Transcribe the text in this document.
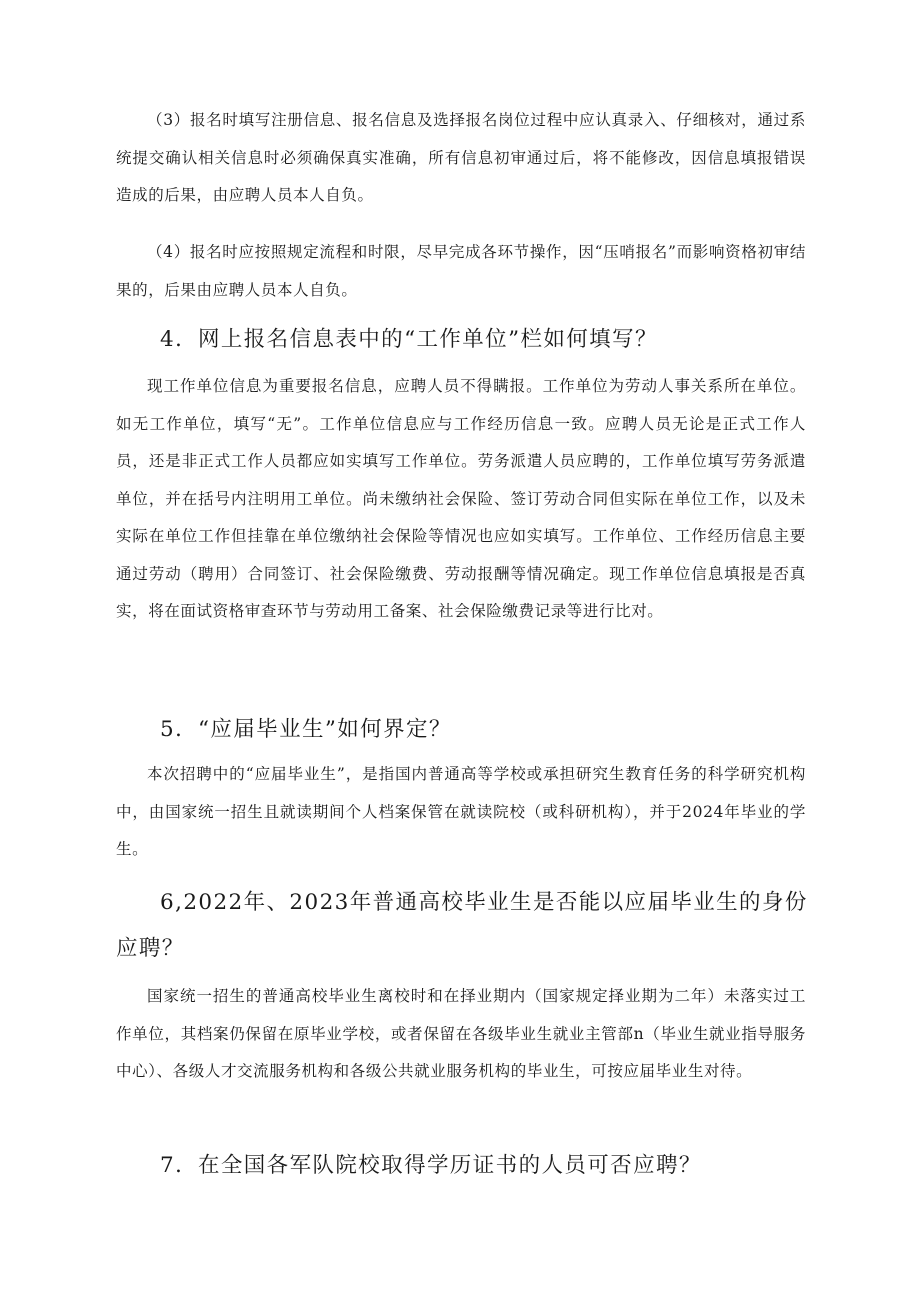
（3）报名时填写注册信息、报名信息及选择报名岗位过程中应认真录入、仔细核对，通过系统提交确认相关信息时必须确保真实准确，所有信息初审通过后，将不能修改，因信息填报错误造成的后果，由应聘人员本人自负。

（4）报名时应按照规定流程和时限，尽早完成各环节操作，因“压哨报名”而影响资格初审结果的，后果由应聘人员本人自负。

4．网上报名信息表中的“工作单位”栏如何填写？

现工作单位信息为重要报名信息，应聘人员不得瞒报。工作单位为劳动人事关系所在单位。如无工作单位，填写“无”。工作单位信息应与工作经历信息一致。应聘人员无论是正式工作人员，还是非正式工作人员都应如实填写工作单位。劳务派遣人员应聘的，工作单位填写劳务派遣单位，并在括号内注明用工单位。尚未缴纳社会保险、签订劳动合同但实际在单位工作，以及未实际在单位工作但挂靠在单位缴纳社会保险等情况也应如实填写。工作单位、工作经历信息主要通过劳动（聘用）合同签订、社会保险缴费、劳动报酬等情况确定。现工作单位信息填报是否真实，将在面试资格审查环节与劳动用工备案、社会保险缴费记录等进行比对。

5．“应届毕业生”如何界定？

本次招聘中的“应届毕业生”，是指国内普通高等学校或承担研究生教育任务的科学研究机构中，由国家统一招生且就读期间个人档案保管在就读院校（或科研机构），并于2024年毕业的学生。

6,2022年、2023年普通高校毕业生是否能以应届毕业生的身份应聘？

国家统一招生的普通高校毕业生离校时和在择业期内（国家规定择业期为二年）未落实过工作单位，其档案仍保留在原毕业学校，或者保留在各级毕业生就业主管部n（毕业生就业指导服务中心）、各级人才交流服务机构和各级公共就业服务机构的毕业生，可按应届毕业生对待。

7．在全国各军队院校取得学历证书的人员可否应聘？
